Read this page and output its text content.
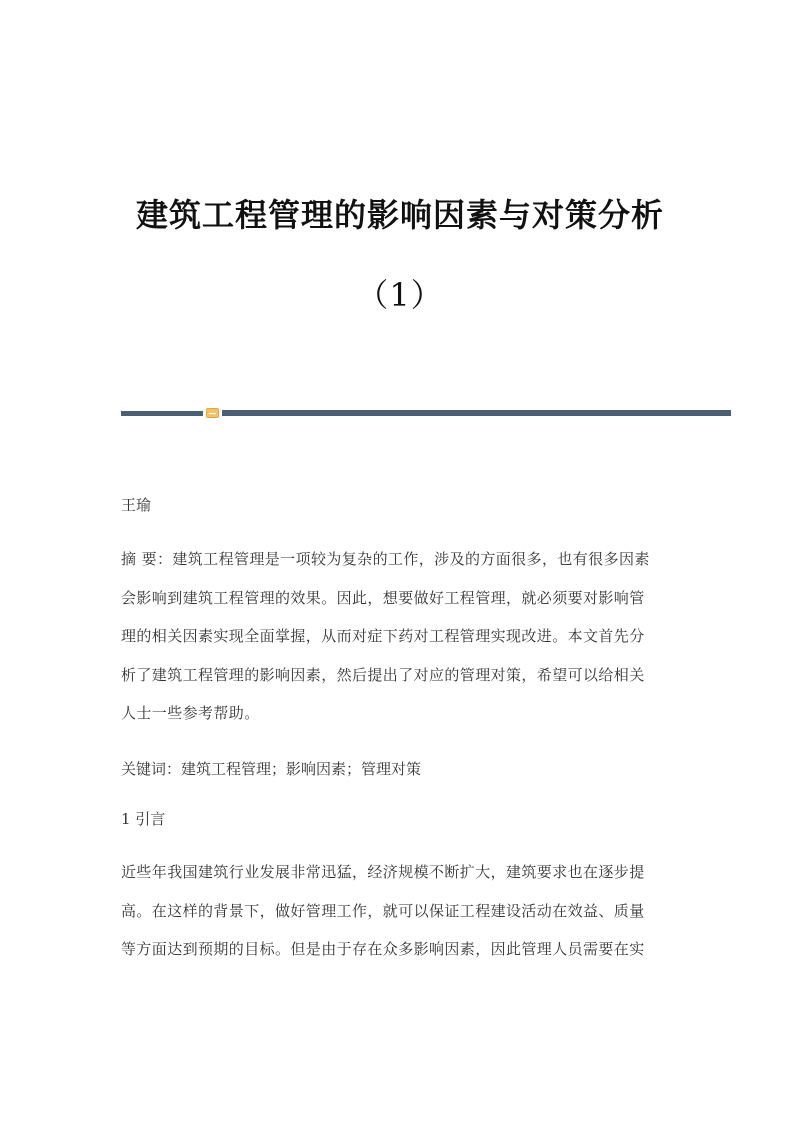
建筑工程管理的影响因素与对策分析
（1）
王瑜
摘 要：建筑工程管理是一项较为复杂的工作，涉及的方面很多，也有很多因素
会影响到建筑工程管理的效果。因此，想要做好工程管理，就必须要对影响管
理的相关因素实现全面掌握，从而对症下药对工程管理实现改进。本文首先分
析了建筑工程管理的影响因素，然后提出了对应的管理对策，希望可以给相关
人士一些参考帮助。
关键词：建筑工程管理；影响因素；管理对策
1 引言
近些年我国建筑行业发展非常迅猛，经济规模不断扩大，建筑要求也在逐步提
高。在这样的背景下，做好管理工作，就可以保证工程建设活动在效益、质量
等方面达到预期的目标。但是由于存在众多影响因素，因此管理人员需要在实
